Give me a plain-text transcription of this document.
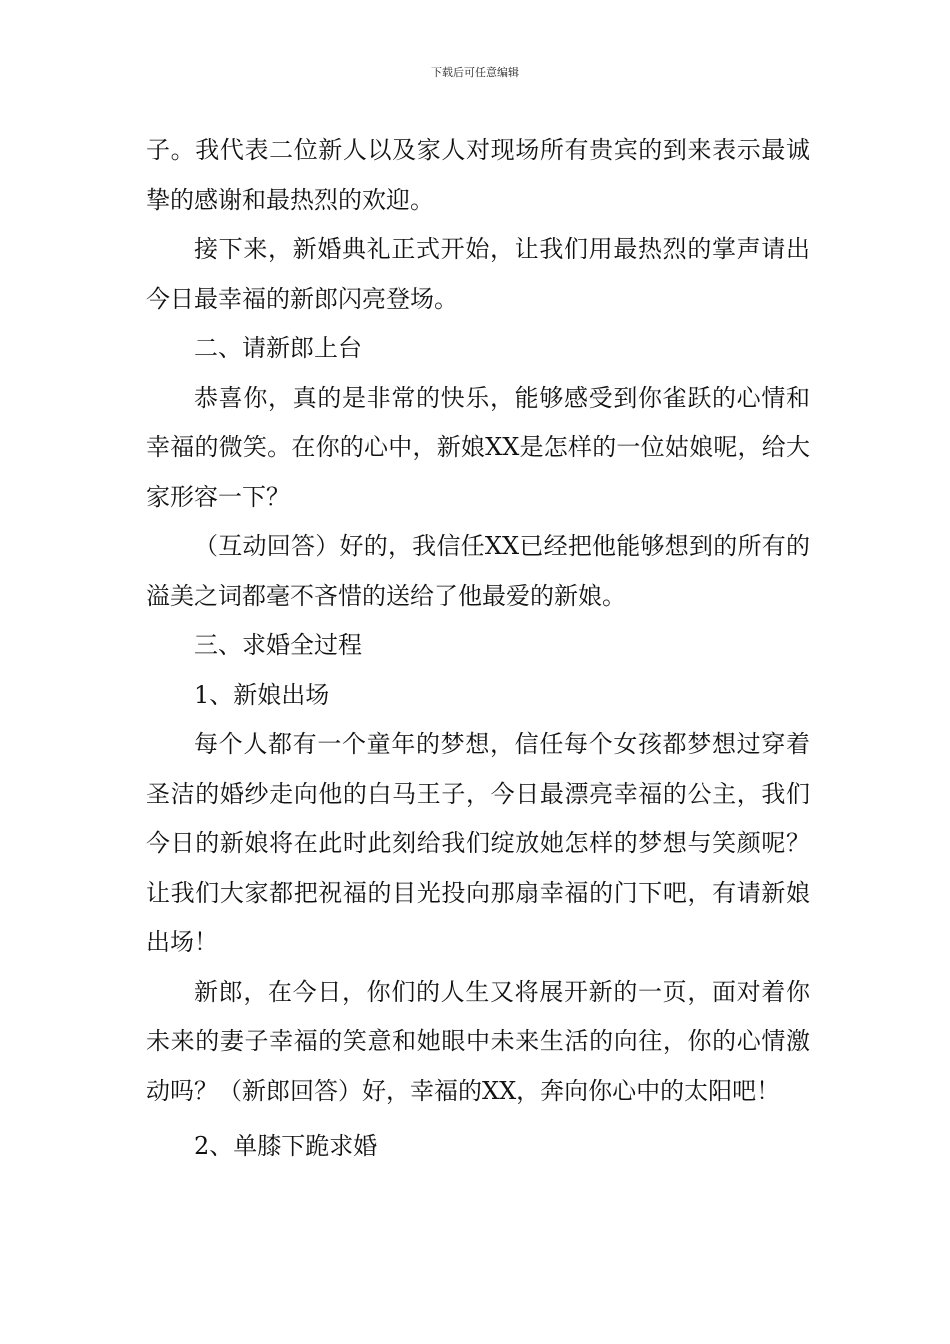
下载后可任意编辑

子。我代表二位新人以及家人对现场所有贵宾的到来表示最诚挚的感谢和最热烈的欢迎。

接下来，新婚典礼正式开始，让我们用最热烈的掌声请出今日最幸福的新郎闪亮登场。

二、请新郎上台

恭喜你，真的是非常的快乐，能够感受到你雀跃的心情和幸福的微笑。在你的心中，新娘XX是怎样的一位姑娘呢，给大家形容一下？

（互动回答）好的，我信任XX已经把他能够想到的所有的溢美之词都毫不吝惜的送给了他最爱的新娘。

三、求婚全过程

1、新娘出场

每个人都有一个童年的梦想，信任每个女孩都梦想过穿着圣洁的婚纱走向他的白马王子，今日最漂亮幸福的公主，我们今日的新娘将在此时此刻给我们绽放她怎样的梦想与笑颜呢？让我们大家都把祝福的目光投向那扇幸福的门下吧，有请新娘出场！

新郎，在今日，你们的人生又将展开新的一页，面对着你未来的妻子幸福的笑意和她眼中未来生活的向往，你的心情激动吗？（新郎回答）好，幸福的XX，奔向你心中的太阳吧！

2、单膝下跪求婚
